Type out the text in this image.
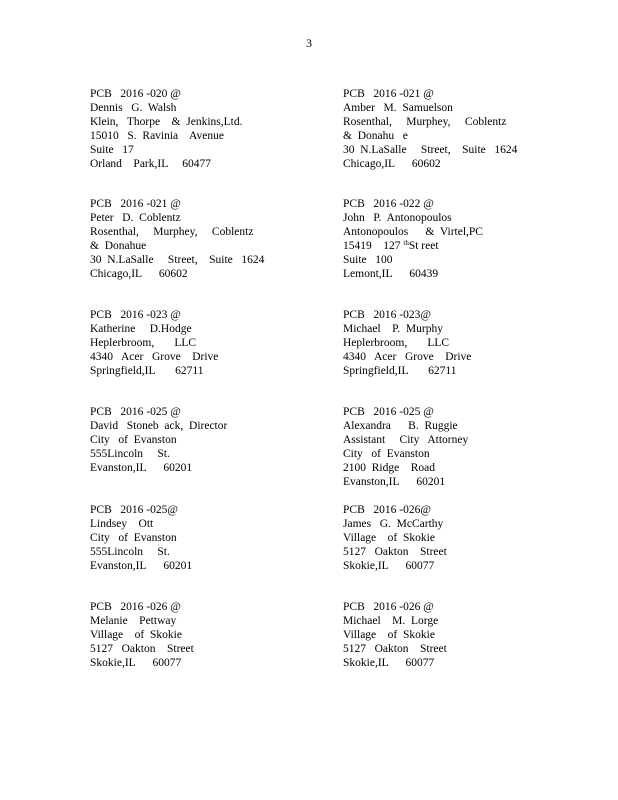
3
PCB   2016 -020 @
Dennis   G.  Walsh
Klein,   Thorpe    &  Jenkins,Ltd.
15010   S.  Ravinia    Avenue
Suite   17
Orland    Park,IL     60477
PCB   2016 -021 @
Amber   M.  Samuelson
Rosenthal,     Murphey,     Coblentz
&  Donahu   e
30  N.LaSalle     Street,    Suite   1624
Chicago,IL      60602
PCB   2016 -021 @
Peter   D.  Coblentz
Rosenthal,     Murphey,     Coblentz
&  Donahue
30  N.LaSalle     Street,    Suite   1624
Chicago,IL      60602
PCB   2016 -022 @
John   P.  Antonopoulos
Antonopoulos      &  Virtel,PC
15419    127 $^{th}$St reet
Suite   100
Lemont,IL      60439
PCB   2016 -023 @
Katherine     D.Hodge
Heplerbroom,       LLC
4340   Acer   Grove    Drive
Springfield,IL       62711
PCB   2016 -023@
Michael    P.  Murphy
Heplerbroom,       LLC
4340   Acer   Grove    Drive
Springfield,IL       62711
PCB   2016 -025 @
David   Stoneb  ack,  Director
City   of  Evanston
555Lincoln     St.
Evanston,IL      60201
PCB   2016 -025 @
Alexandra      B.  Ruggie
Assistant     City   Attorney
City   of  Evanston
2100  Ridge    Road
Evanston,IL      60201
PCB   2016 -025@
Lindsey    Ott
City   of  Evanston
555Lincoln     St.
Evanston,IL      60201
PCB   2016 -026@
James   G.  McCarthy
Village    of  Skokie
5127   Oakton    Street
Skokie,IL      60077
PCB   2016 -026 @
Melanie    Pettway
Village    of  Skokie
5127   Oakton    Street
Skokie,IL      60077
PCB   2016 -026 @
Michael    M.  Lorge
Village    of  Skokie
5127   Oakton    Street
Skokie,IL      60077
